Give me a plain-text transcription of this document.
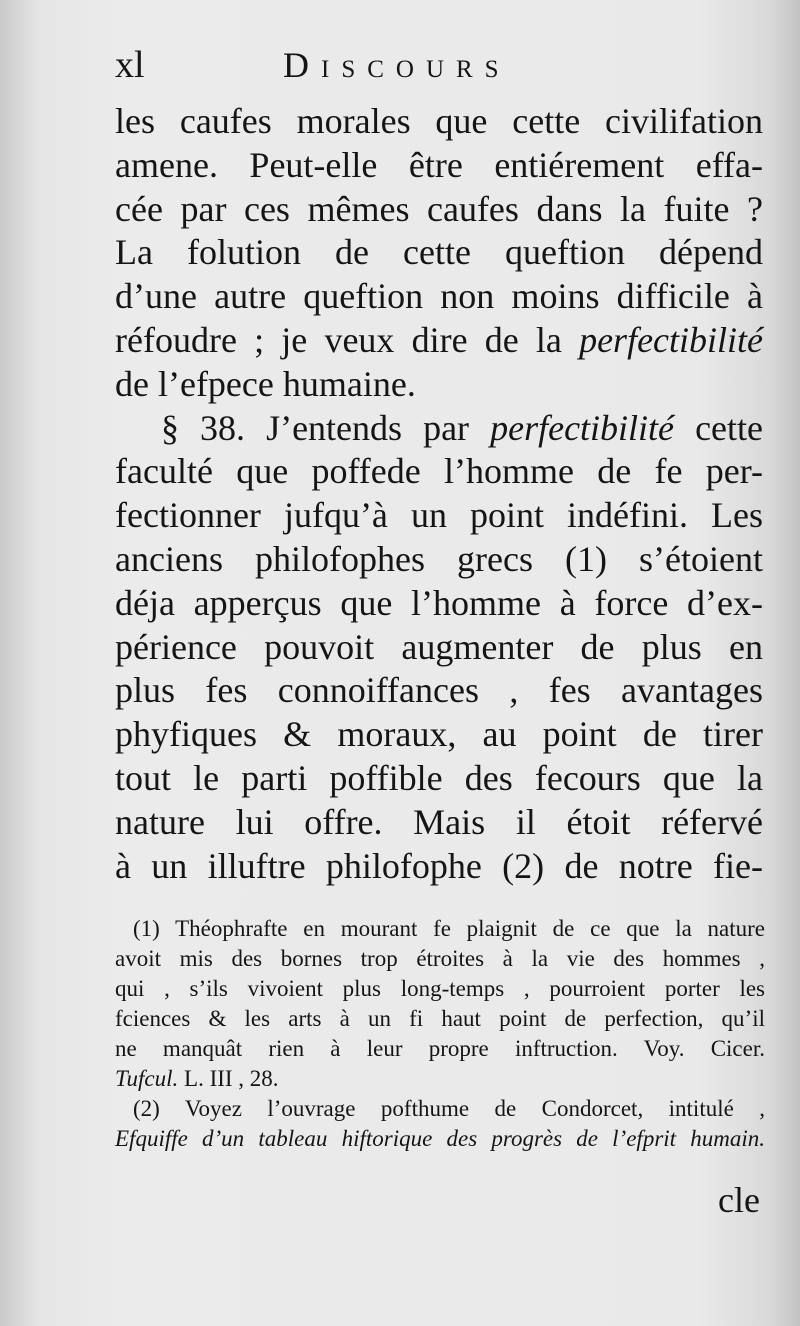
xl	Discours
les caufes morales que cette civilifation
amene. Peut-elle être entiérement effa-
cée par ces mêmes caufes dans la fuite ?
La folution de cette queftion dépend
d’une autre queftion non moins difficile à
réfoudre ; je veux dire de la perfectibilité
de l’efpece humaine.
§ 38. J’entends par perfectibilité cette
faculté que poffede l’homme de fe per-
fectionner jufqu’à un point indéfini. Les
anciens philofophes grecs (1) s’étoient
déja apperçus que l’homme à force d’ex-
périence pouvoit augmenter de plus en
plus fes connoiffances , fes avantages
phyfiques & moraux, au point de tirer
tout le parti poffible des fecours que la
nature lui offre. Mais il étoit réfervé
à un illuftre philofophe (2) de notre fie-
(1) Théophrafte en mourant fe plaignit de ce que la nature
avoit mis des bornes trop étroites à la vie des hommes ,
qui , s’ils vivoient plus long-temps , pourroient porter les
fciences & les arts à un fi haut point de perfection, qu’il
ne manquât rien à leur propre inftruction. Voy. Cicer.
Tufcul. L. III , 28.
(2) Voyez l’ouvrage pofthume de Condorcet, intitulé ,
Efquiffe d’un tableau hiftorique des progrès de l’efprit humain.
cle
